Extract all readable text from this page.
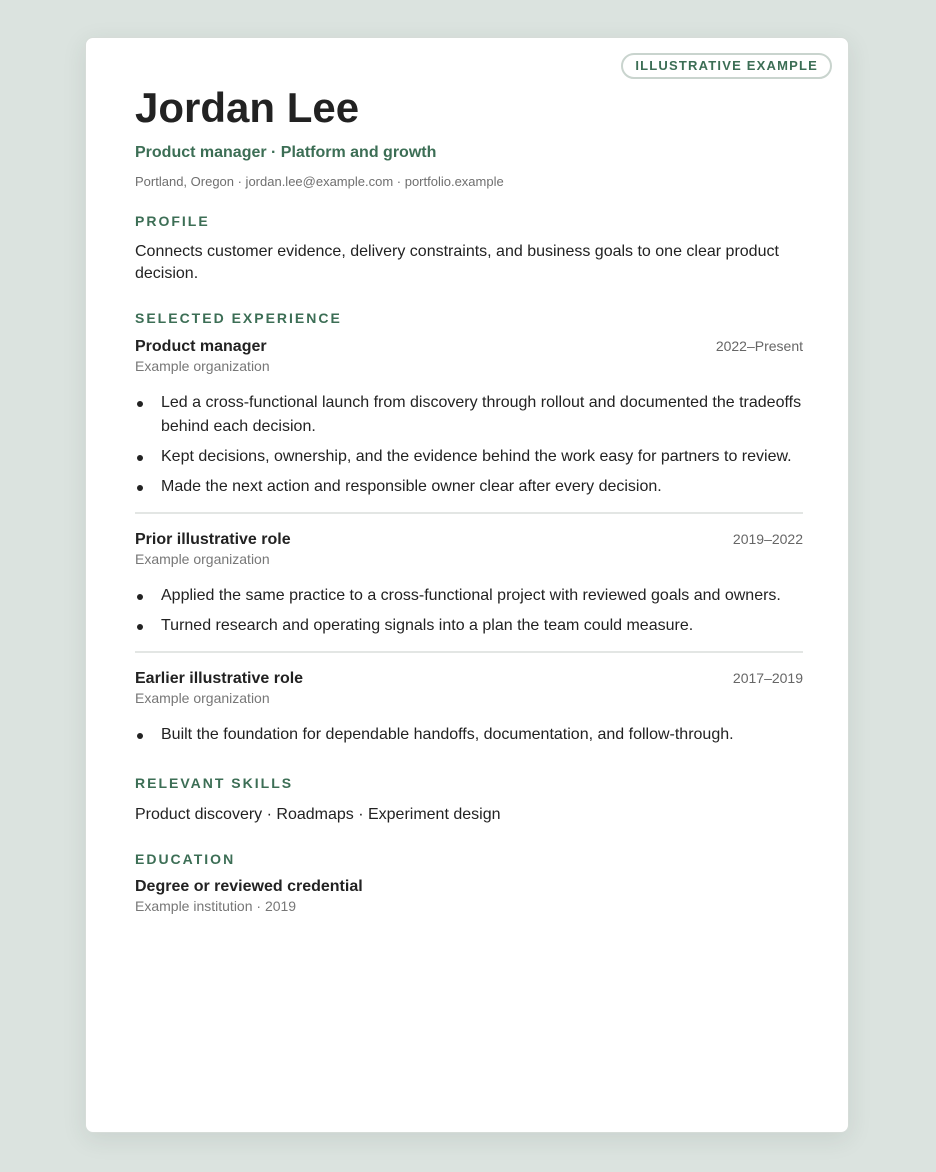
ILLUSTRATIVE EXAMPLE
Jordan Lee
Product manager · Platform and growth
Portland, Oregon · jordan.lee@example.com · portfolio.example
PROFILE
Connects customer evidence, delivery constraints, and business goals to one clear product decision.
SELECTED EXPERIENCE
Product manager	2022–Present
Example organization
Led a cross-functional launch from discovery through rollout and documented the tradeoffs behind each decision.
Kept decisions, ownership, and the evidence behind the work easy for partners to review.
Made the next action and responsible owner clear after every decision.
Prior illustrative role	2019–2022
Example organization
Applied the same practice to a cross-functional project with reviewed goals and owners.
Turned research and operating signals into a plan the team could measure.
Earlier illustrative role	2017–2019
Example organization
Built the foundation for dependable handoffs, documentation, and follow-through.
RELEVANT SKILLS
Product discovery · Roadmaps · Experiment design
EDUCATION
Degree or reviewed credential
Example institution · 2019
